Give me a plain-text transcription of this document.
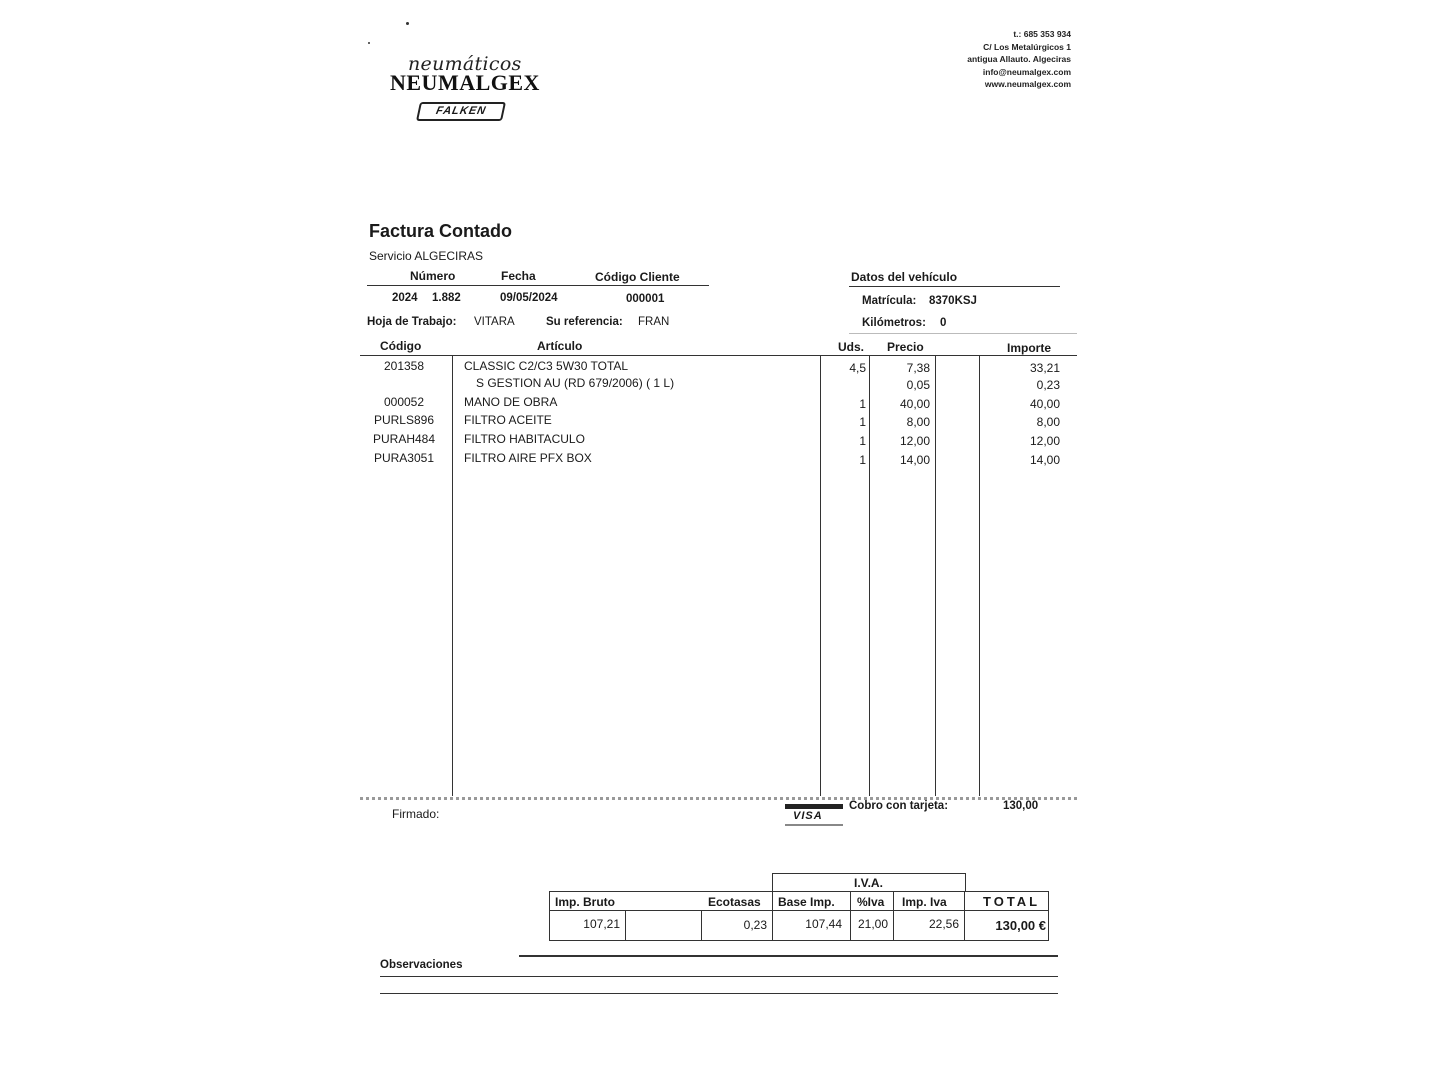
neumáticos
NEUMALGEX
FALKEN
t.: 685 353 934
C/ Los Metalúrgicos 1
antigua Allauto. Algeciras
info@neumalgex.com
www.neumalgex.com
Factura Contado
Servicio ALGECIRAS
Número	Fecha	Código Cliente
2024 1.882	09/05/2024	000001
Hoja de Trabajo: VITARA	Su referencia: FRAN
Datos del vehículo
Matrícula: 8370KSJ
Kilómetros: 0
Código	Artículo	Uds. Precio	Importe
201358	CLASSIC C2/C3 5W30 TOTAL	4,5	7,38	33,21
S GESTION AU (RD 679/2006) ( 1 L)	0,05	0,23
000052	MANO DE OBRA	1	40,00	40,00
PURLS896	FILTRO ACEITE	1	8,00	8,00
PURAH484	FILTRO HABITACULO	1	12,00	12,00
PURA3051	FILTRO AIRE PFX BOX	1	14,00	14,00
Firmado:	VISA
Cobro con tarjeta:	130,00
I.V.A.
Imp. Bruto	Ecotasas Base Imp. %Iva Imp. Iva	TOTAL
107,21	0,23	107,44	21,00	22,56	130,00 €
Observaciones
